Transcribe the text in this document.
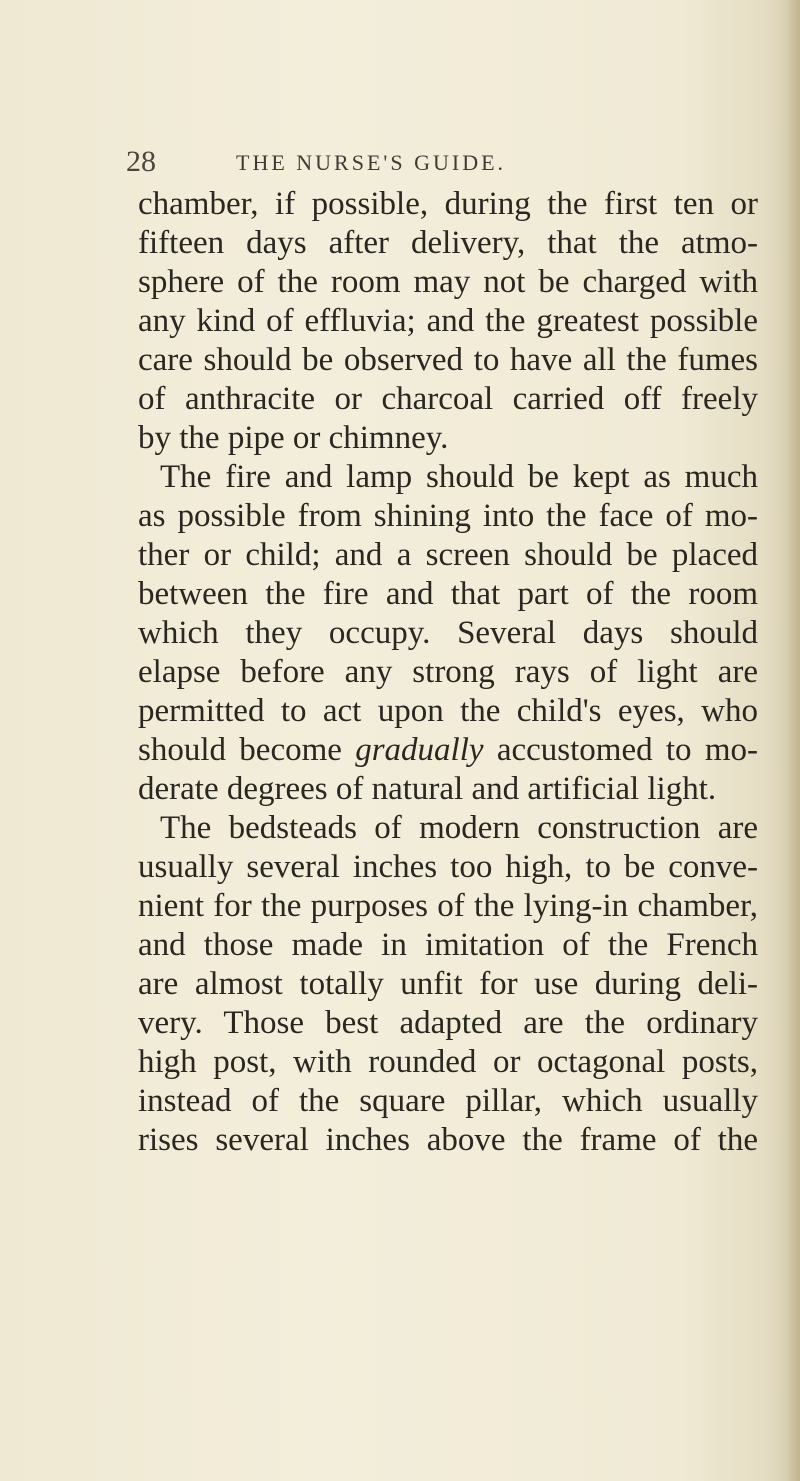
28	THE NURSE'S GUIDE.
chamber, if possible, during the first ten or
fifteen days after delivery, that the atmo-
sphere of the room may not be charged with
any kind of effluvia; and the greatest possible
care should be observed to have all the fumes
of anthracite or charcoal carried off freely
by the pipe or chimney.
The fire and lamp should be kept as much
as possible from shining into the face of mo-
ther or child; and a screen should be placed
between the fire and that part of the room
which they occupy. Several days should
elapse before any strong rays of light are
permitted to act upon the child's eyes, who
should become gradually accustomed to mo-
derate degrees of natural and artificial light.
The bedsteads of modern construction are
usually several inches too high, to be conve-
nient for the purposes of the lying-in chamber,
and those made in imitation of the French
are almost totally unfit for use during deli-
very. Those best adapted are the ordinary
high post, with rounded or octagonal posts,
instead of the square pillar, which usually
rises several inches above the frame of the
